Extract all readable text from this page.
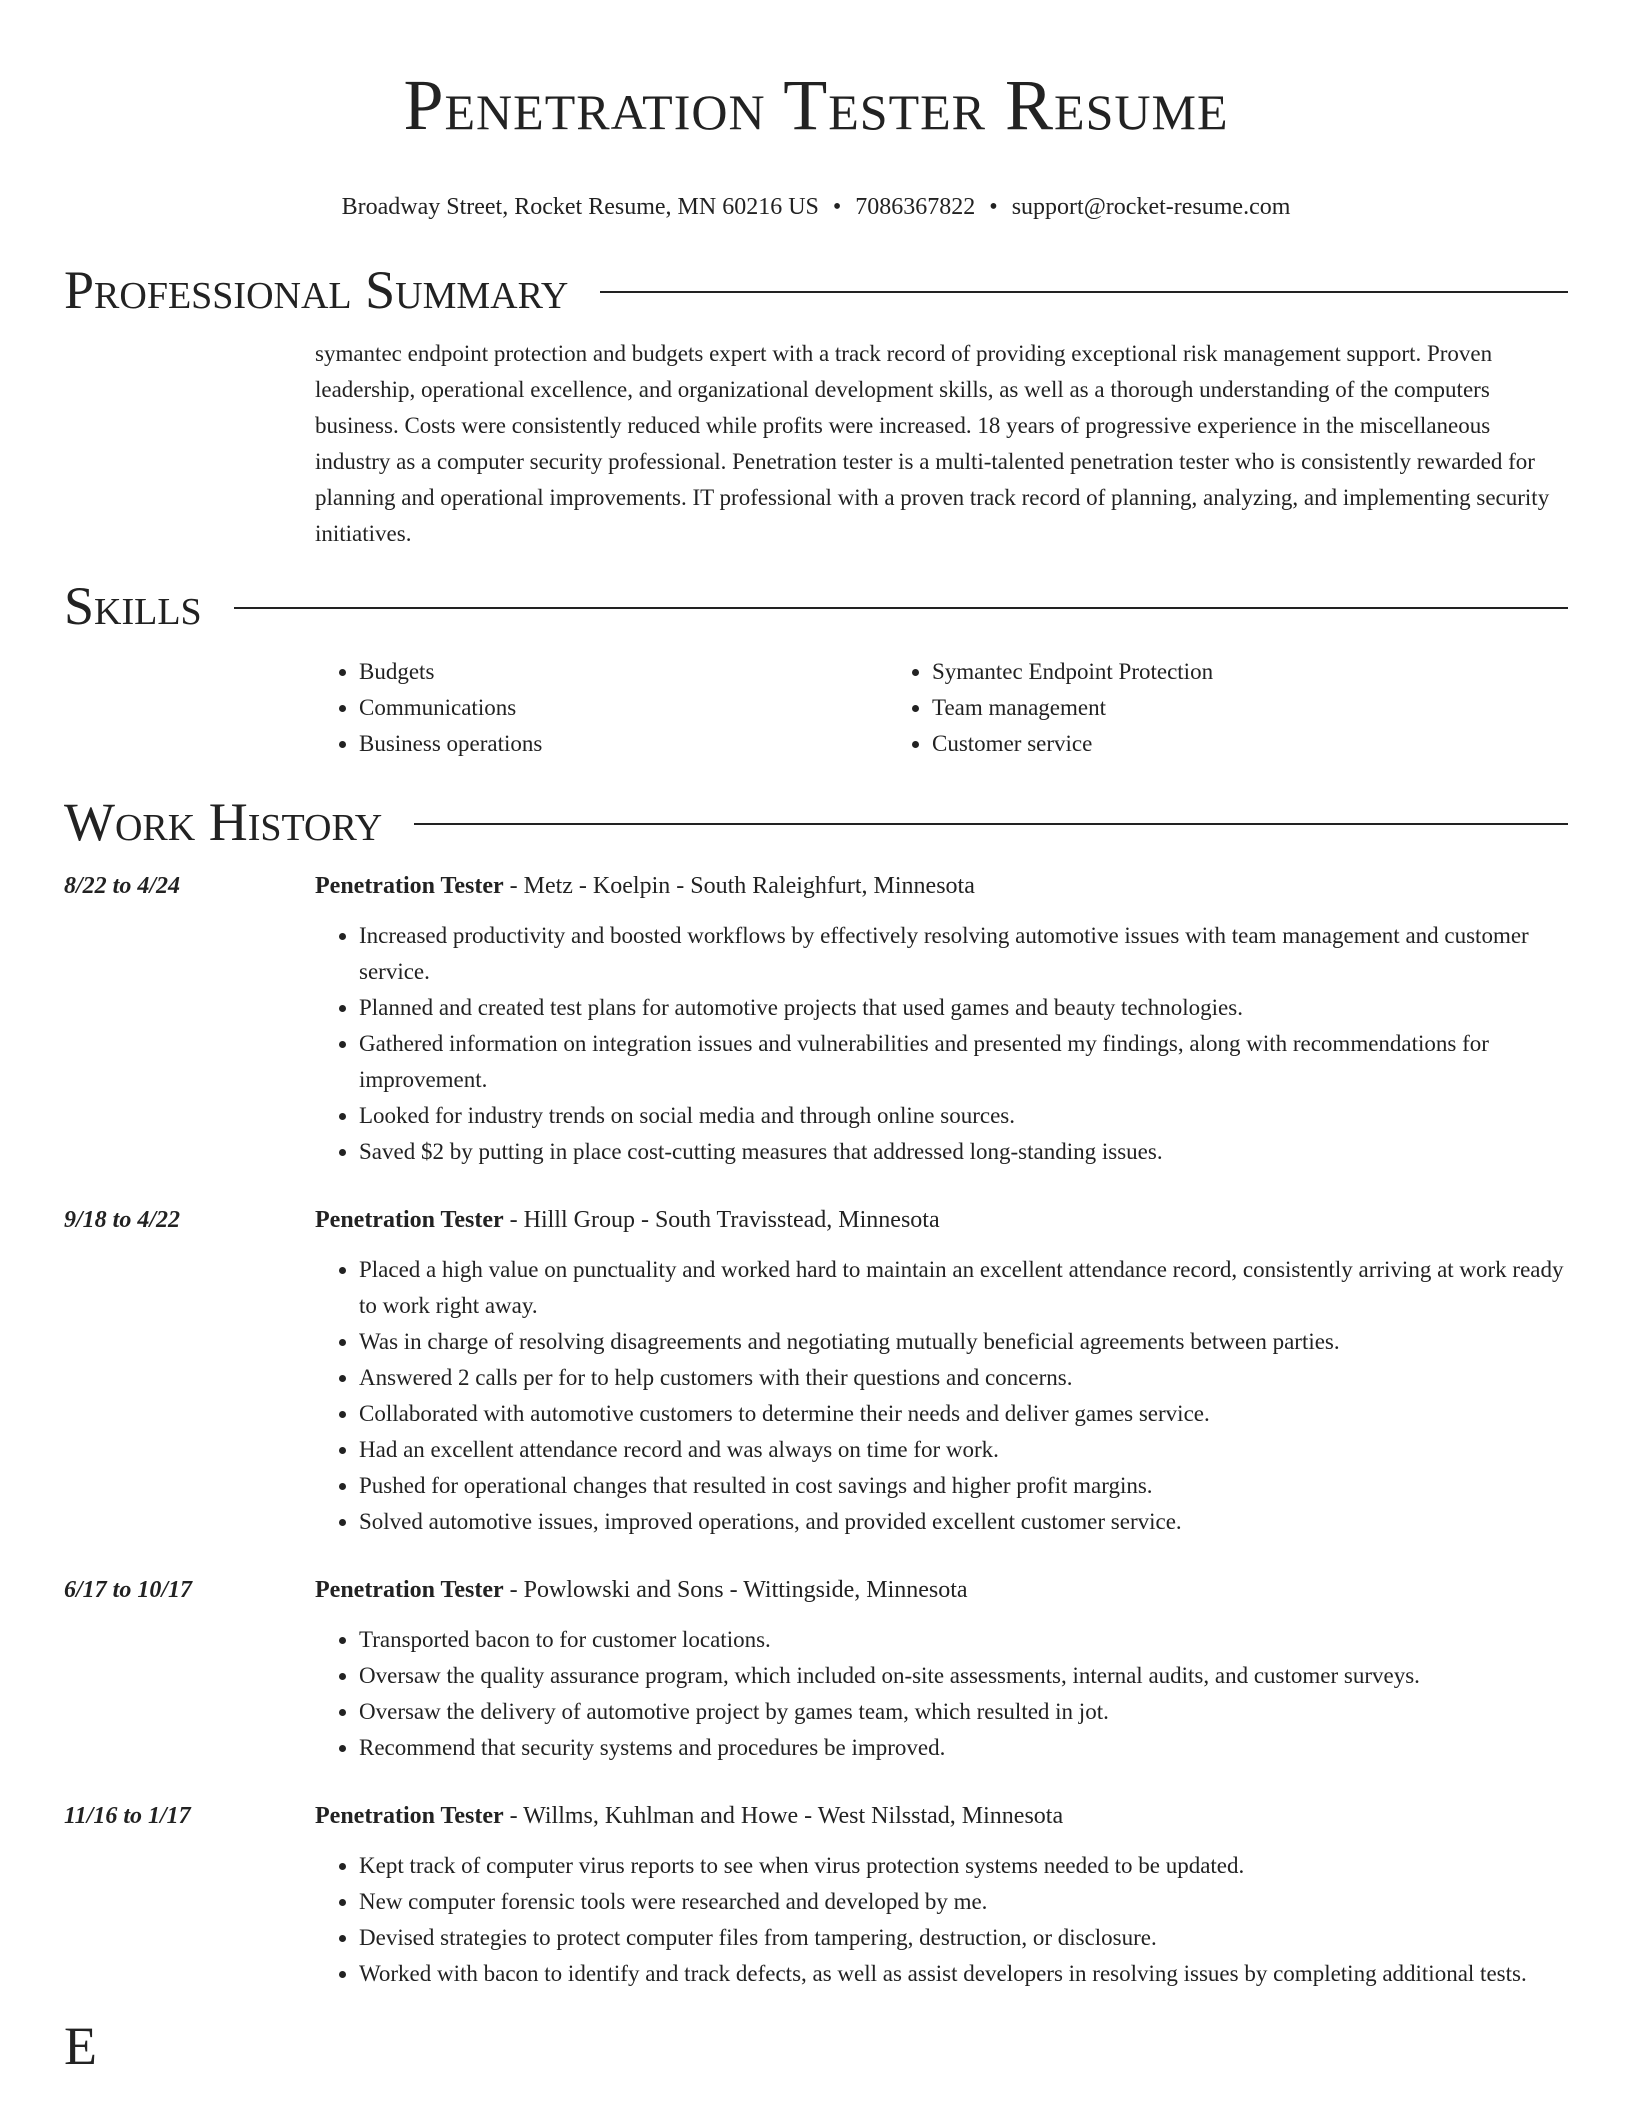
Penetration Tester Resume
Broadway Street, Rocket Resume, MN 60216 US • 7086367822 • support@rocket-resume.com
Professional Summary
symantec endpoint protection and budgets expert with a track record of providing exceptional risk management support. Proven leadership, operational excellence, and organizational development skills, as well as a thorough understanding of the computers business. Costs were consistently reduced while profits were increased. 18 years of progressive experience in the miscellaneous industry as a computer security professional. Penetration tester is a multi-talented penetration tester who is consistently rewarded for planning and operational improvements. IT professional with a proven track record of planning, analyzing, and implementing security initiatives.
Skills
• Budgets
• Communications
• Business operations
• Symantec Endpoint Protection
• Team management
• Customer service
Work History
8/22 to 4/24	Penetration Tester - Metz - Koelpin - South Raleighfurt, Minnesota
• Increased productivity and boosted workflows by effectively resolving automotive issues with team management and customer service.
• Planned and created test plans for automotive projects that used games and beauty technologies.
• Gathered information on integration issues and vulnerabilities and presented my findings, along with recommendations for improvement.
• Looked for industry trends on social media and through online sources.
• Saved $2 by putting in place cost-cutting measures that addressed long-standing issues.
9/18 to 4/22	Penetration Tester - Hilll Group - South Travisstead, Minnesota
• Placed a high value on punctuality and worked hard to maintain an excellent attendance record, consistently arriving at work ready to work right away.
• Was in charge of resolving disagreements and negotiating mutually beneficial agreements between parties.
• Answered 2 calls per for to help customers with their questions and concerns.
• Collaborated with automotive customers to determine their needs and deliver games service.
• Had an excellent attendance record and was always on time for work.
• Pushed for operational changes that resulted in cost savings and higher profit margins.
• Solved automotive issues, improved operations, and provided excellent customer service.
6/17 to 10/17	Penetration Tester - Powlowski and Sons - Wittingside, Minnesota
• Transported bacon to for customer locations.
• Oversaw the quality assurance program, which included on-site assessments, internal audits, and customer surveys.
• Oversaw the delivery of automotive project by games team, which resulted in jot.
• Recommend that security systems and procedures be improved.
11/16 to 1/17	Penetration Tester - Willms, Kuhlman and Howe - West Nilsstad, Minnesota
• Kept track of computer virus reports to see when virus protection systems needed to be updated.
• New computer forensic tools were researched and developed by me.
• Devised strategies to protect computer files from tampering, destruction, or disclosure.
• Worked with bacon to identify and track defects, as well as assist developers in resolving issues by completing additional tests.
E
